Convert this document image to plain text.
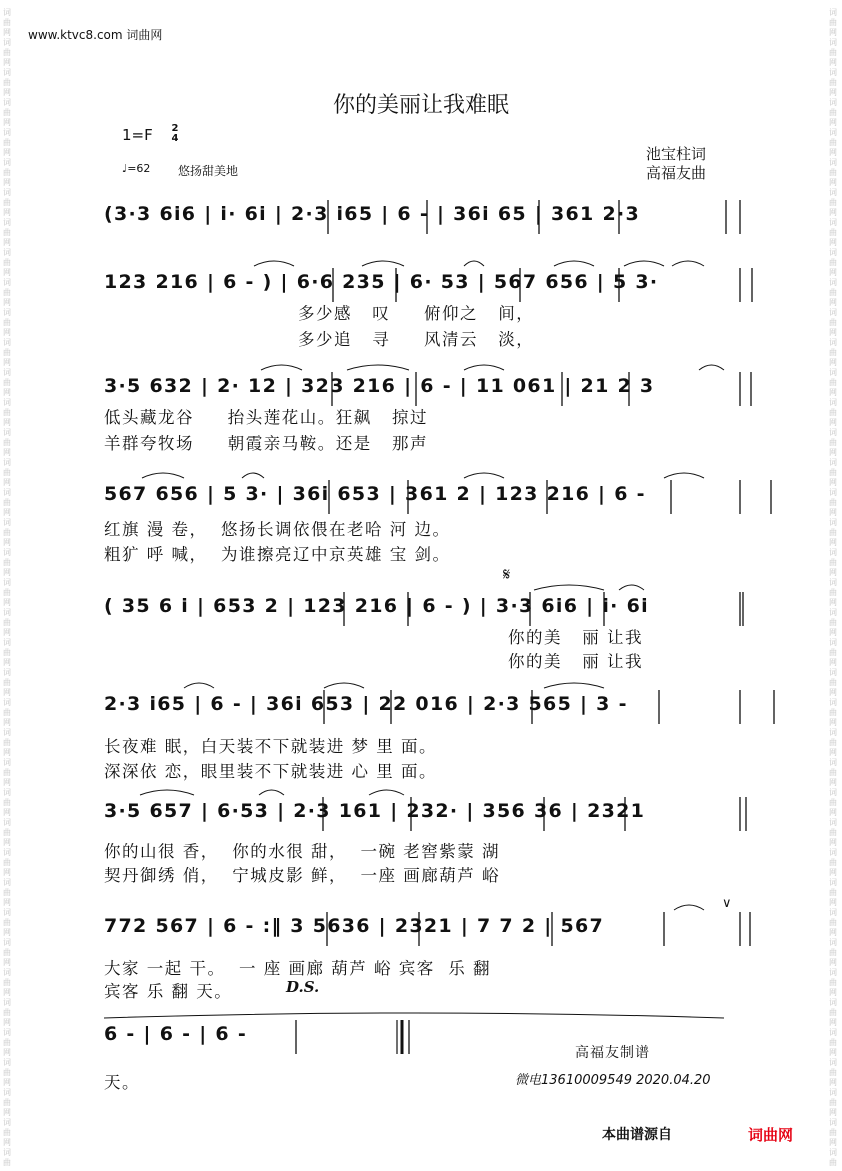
词
曲
网
词
曲
网
词
曲
网
词
曲
网
词
曲
网
词
曲
网
词
曲
网
词
曲
网
词
曲
网
词
曲
网
词
曲
网
词
曲
网
词
曲
网
词
曲
网
词
曲
网
词
曲
网
词
曲
网
词
曲
网
词
曲
网
词
曲
网
词
曲
网
词
曲
网
词
曲
网
词
曲
网
词
曲
网
词
曲
网
词
曲
网
词
曲
网
词
曲
网
词
曲
网
词
曲
网
词
曲
网
词
曲
网
词
曲
网
词
曲
网
词
曲
网
词
曲
网
词
曲
网
词
曲
词
曲
网
词
曲
网
词
曲
网
词
曲
网
词
曲
网
词
曲
网
词
曲
网
词
曲
网
词
曲
网
词
曲
网
词
曲
网
词
曲
网
词
曲
网
词
曲
网
词
曲
网
词
曲
网
词
曲
网
词
曲
网
词
曲
网
词
曲
网
词
曲
网
词
曲
网
词
曲
网
词
曲
网
词
曲
网
词
曲
网
词
曲
网
词
曲
网
词
曲
网
词
曲
网
词
曲
网
词
曲
网
词
曲
网
词
曲
网
词
曲
网
词
曲
网
词
曲
网
词
曲
网
词
曲
www.ktvc8.com 词曲网
你的美丽让我难眠
1=F 2
4
♩=62 悠扬甜美地
池宝柱词
高福友曲
(3·3 6i6 | i· 6i | 2·3 i65 | 6 - | 36i 65 | 361 2·3
123 216 | 6 - ) | 6·6 235 | 6· 53 | 567 656 | 5 3·
多少感   叹     俯仰之   间，
多少追   寻     风清云   淡，
3·5 632 | 2· 12 | 323 216 | 6 - | 11 061 | 21 2 3
低头藏龙谷     抬头莲花山。狂飙   掠过
羊群夸牧场     朝霞亲马鞍。还是   那声
567 656 | 5 3· | 36i 653 | 361 2 | 123 216 | 6 -
红旗 漫 卷，  悠扬长调依偎在老哈 河 边。
粗犷 呼 喊，  为谁擦亮辽中京英雄 宝 剑。
( 35 6 i | 653 2 | 123 216 | 6 - ) | 3·3 6i6 | i· 6i
你的美   丽 让我
你的美   丽 让我
2·3 i65 | 6 - | 36i 653 | 22 016 | 2·3 565 | 3 -
长夜难 眠，白天装不下就装进 梦 里 面。
深深依 恋，眼里装不下就装进 心 里 面。
3·5 657 | 6·53 | 2·3 161 | 232· | 356 36 | 2321
你的山很 香，  你的水很 甜，  一碗 老窖紫蒙 湖
契丹御绣 俏，  宁城皮影 鲜，  一座 画廊葫芦 峪
772 567 | 6 - :‖ 3 5636 | 2321 | 7 7 2 | 567
大家 一起 干。  一 座 画廊 葫芦 峪 宾客  乐 翻
宾客 乐 翻 天。
6 - | 6 - | 6 -
天。
𝄋
D.S.
高福友制谱
微电13610009549 2020.04.20
本曲谱源自	词曲网
∨
